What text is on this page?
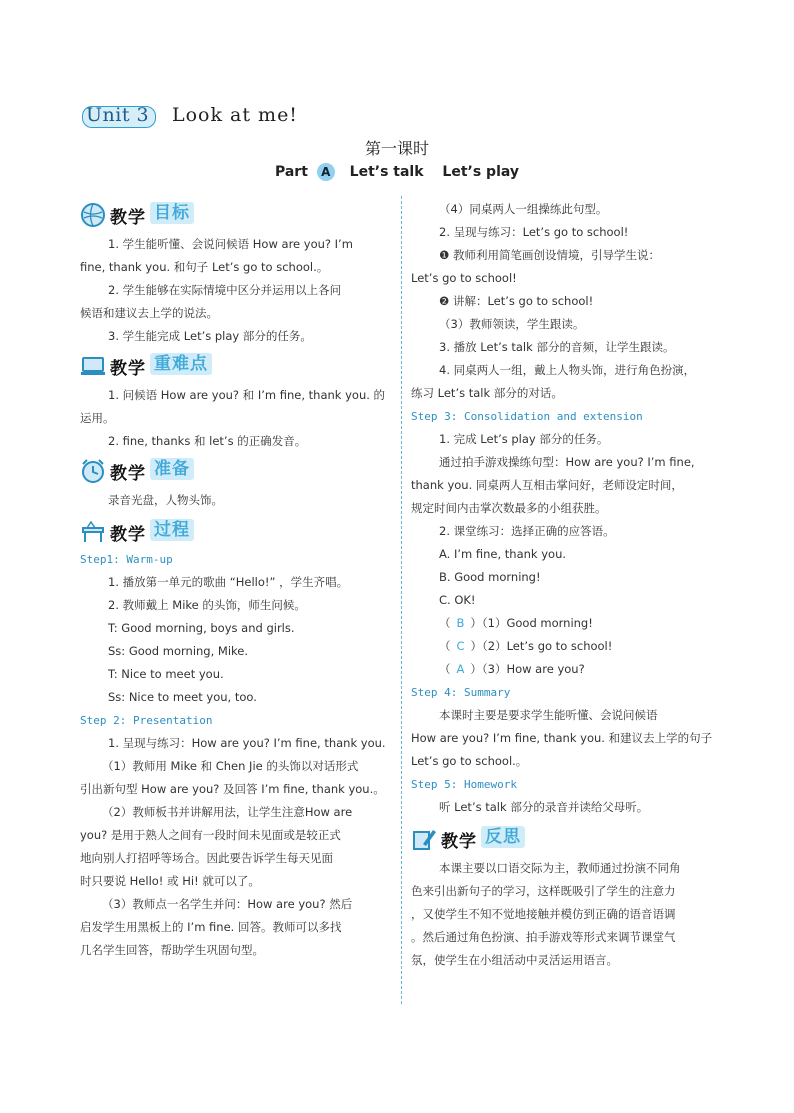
Unit 3 Look at me!
第一课时
Part A Let’s talk Let’s play
教学 目标
1. 学生能听懂、会说问候语 How are you? I’m
fine, thank you. 和句子 Let’s go to school.。
2. 学生能够在实际情境中区分并运用以上各问
候语和建议去上学的说法。
3. 学生能完成 Let’s play 部分的任务。
教学 重难点
1. 问候语 How are you? 和 I’m fine, thank you. 的
运用。
2. fine, thanks 和 let’s 的正确发音。
教学 准备
录音光盘，人物头饰。
教学 过程
Step1: Warm-up
1. 播放第一单元的歌曲 “Hello!” ，学生齐唱。
2. 教师戴上 Mike 的头饰，师生问候。
T: Good morning, boys and girls.
Ss: Good morning, Mike.
T: Nice to meet you.
Ss: Nice to meet you, too.
Step 2: Presentation
1. 呈现与练习：How are you? I’m fine, thank you.
（1）教师用 Mike 和 Chen Jie 的头饰以对话形式
引出新句型 How are you? 及回答 I’m fine, thank you.。
（2）教师板书并讲解用法，让学生注意How are
you? 是用于熟人之间有一段时间未见面或是较正式
地向别人打招呼等场合。因此要告诉学生每天见面
时只要说 Hello! 或 Hi! 就可以了。
（3）教师点一名学生并问：How are you? 然后
启发学生用黑板上的 I’m fine. 回答。教师可以多找
几名学生回答，帮助学生巩固句型。
（4）同桌两人一组操练此句型。
2. 呈现与练习：Let’s go to school!
❶ 教师利用简笔画创设情境，引导学生说：
Let’s go to school!
❷ 讲解：Let’s go to school!
（3）教师领读，学生跟读。
3. 播放 Let’s talk 部分的音频，让学生跟读。
4. 同桌两人一组，戴上人物头饰，进行角色扮演，
练习 Let’s talk 部分的对话。
Step 3: Consolidation and extension
1. 完成 Let’s play 部分的任务。
通过拍手游戏操练句型：How are you? I’m fine,
thank you. 同桌两人互相击掌问好，老师设定时间，
规定时间内击掌次数最多的小组获胜。
2. 课堂练习：选择正确的应答语。
A. I’m fine, thank you.
B. Good morning!
C. OK!
（ B ）（1）Good morning!
（ C ）（2）Let’s go to school!
（ A ）（3）How are you?
Step 4: Summary
本课时主要是要求学生能听懂、会说问候语
How are you? I’m fine, thank you. 和建议去上学的句子
Let’s go to school.。
Step 5: Homework
听 Let’s talk 部分的录音并读给父母听。
教学 反思
本课主要以口语交际为主，教师通过扮演不同角
色来引出新句子的学习，这样既吸引了学生的注意力
，又使学生不知不觉地接触并模仿到正确的语音语调
。然后通过角色扮演、拍手游戏等形式来调节课堂气
氛，使学生在小组活动中灵活运用语言。
